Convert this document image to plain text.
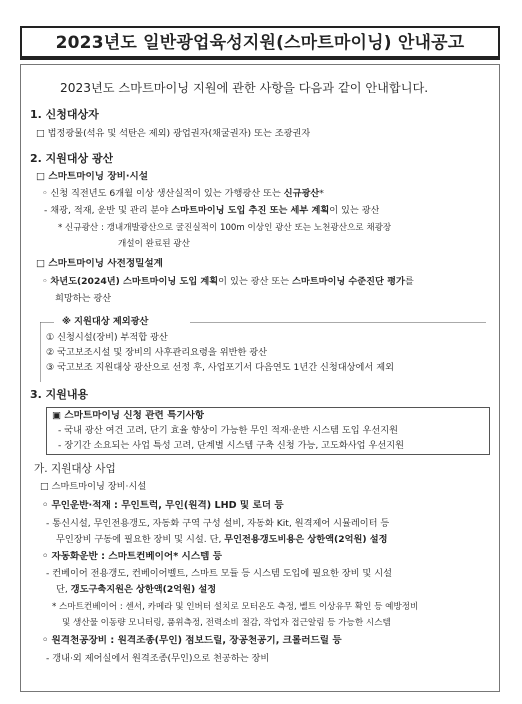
2023년도 일반광업육성지원(스마트마이닝) 안내공고
2023년도 스마트마이닝 지원에 관한 사항을 다음과 같이 안내합니다.
1. 신청대상자
□ 법정광물(석유 및 석탄은 제외) 광업권자(채굴권자) 또는 조광권자
2. 지원대상 광산
□ 스마트마이닝 장비·시설
◦ 신청 직전년도 6개월 이상 생산실적이 있는 가행광산 또는 신규광산*
- 채광, 적재, 운반 및 관리 분야 스마트마이닝 도입 추진 또는 세부 계획이 있는 광산
* 신규광산 : 갱내개발광산으로 굴진실적이 100m 이상인 광산 또는 노천광산으로 채광장
개설이 완료된 광산
□ 스마트마이닝 사전정밀설계
◦ 차년도(2024년) 스마트마이닝 도입 계획이 있는 광산 또는 스마트마이닝 수준진단 평가를
희망하는 광산
※ 지원대상 제외광산
① 신청시설(장비) 부적합 광산
② 국고보조시설 및 장비의 사후관리요령을 위반한 광산
③ 국고보조 지원대상 광산으로 선정 후, 사업포기서 다음연도 1년간 신청대상에서 제외
3. 지원내용
▣ 스마트마이닝 신청 관련 특기사항
- 국내 광산 여건 고려, 단기 효율 향상이 가능한 무인 적재·운반 시스템 도입 우선지원
- 장기간 소요되는 사업 특성 고려, 단계별 시스템 구축 신청 가능, 고도화사업 우선지원
가. 지원대상 사업
□ 스마트마이닝 장비·시설
◦ 무인운반·적재 : 무인트럭, 무인(원격) LHD 및 로더 등
- 통신시설, 무인전용갱도, 자동화 구역 구성 설비, 자동화 Kit, 원격제어 시뮬레이터 등
무인장비 구동에 필요한 장비 및 시설. 단, 무인전용갱도비용은 상한액(2억원) 설정
◦ 자동화운반 : 스마트컨베이어* 시스템 등
- 컨베이어 전용갱도, 컨베이어벨트, 스마트 모듈 등 시스템 도입에 필요한 장비 및 시설
단, 갱도구축지원은 상한액(2억원) 설정
* 스마트컨베이어 : 센서, 카메라 및 인버터 설치로 모터온도 측정, 벨트 이상유무 확인 등 예방정비
및 생산물 이동량 모니터링, 품위측정, 전력소비 절감, 작업자 접근알림 등 가능한 시스템
◦ 원격천공장비 : 원격조종(무인) 점보드릴, 장공천공기, 크롤러드릴 등
- 갱내·외 제어실에서 원격조종(무인)으로 천공하는 장비
